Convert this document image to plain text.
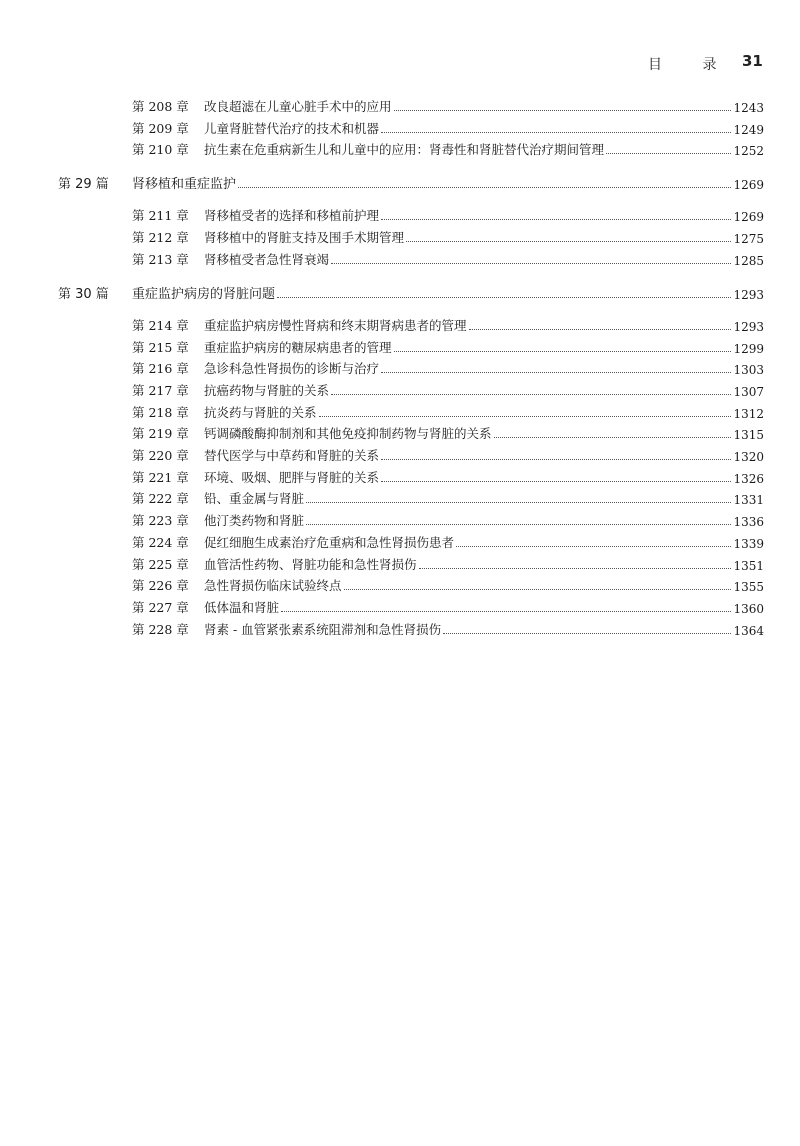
目 录 31
第 208 章	改良超滤在儿童心脏手术中的应用	1243
第 209 章	儿童肾脏替代治疗的技术和机器	1249
第 210 章	抗生素在危重病新生儿和儿童中的应用：肾毒性和肾脏替代治疗期间管理	1252
第 29 篇	肾移植和重症监护	1269
第 211 章	肾移植受者的选择和移植前护理	1269
第 212 章	肾移植中的肾脏支持及围手术期管理	1275
第 213 章	肾移植受者急性肾衰竭	1285
第 30 篇	重症监护病房的肾脏问题	1293
第 214 章	重症监护病房慢性肾病和终末期肾病患者的管理	1293
第 215 章	重症监护病房的糖尿病患者的管理	1299
第 216 章	急诊科急性肾损伤的诊断与治疗	1303
第 217 章	抗癌药物与肾脏的关系	1307
第 218 章	抗炎药与肾脏的关系	1312
第 219 章	钙调磷酸酶抑制剂和其他免疫抑制药物与肾脏的关系	1315
第 220 章	替代医学与中草药和肾脏的关系	1320
第 221 章	环境、吸烟、肥胖与肾脏的关系	1326
第 222 章	铅、重金属与肾脏	1331
第 223 章	他汀类药物和肾脏	1336
第 224 章	促红细胞生成素治疗危重病和急性肾损伤患者	1339
第 225 章	血管活性药物、肾脏功能和急性肾损伤	1351
第 226 章	急性肾损伤临床试验终点	1355
第 227 章	低体温和肾脏	1360
第 228 章	肾素 - 血管紧张素系统阻滞剂和急性肾损伤	1364
